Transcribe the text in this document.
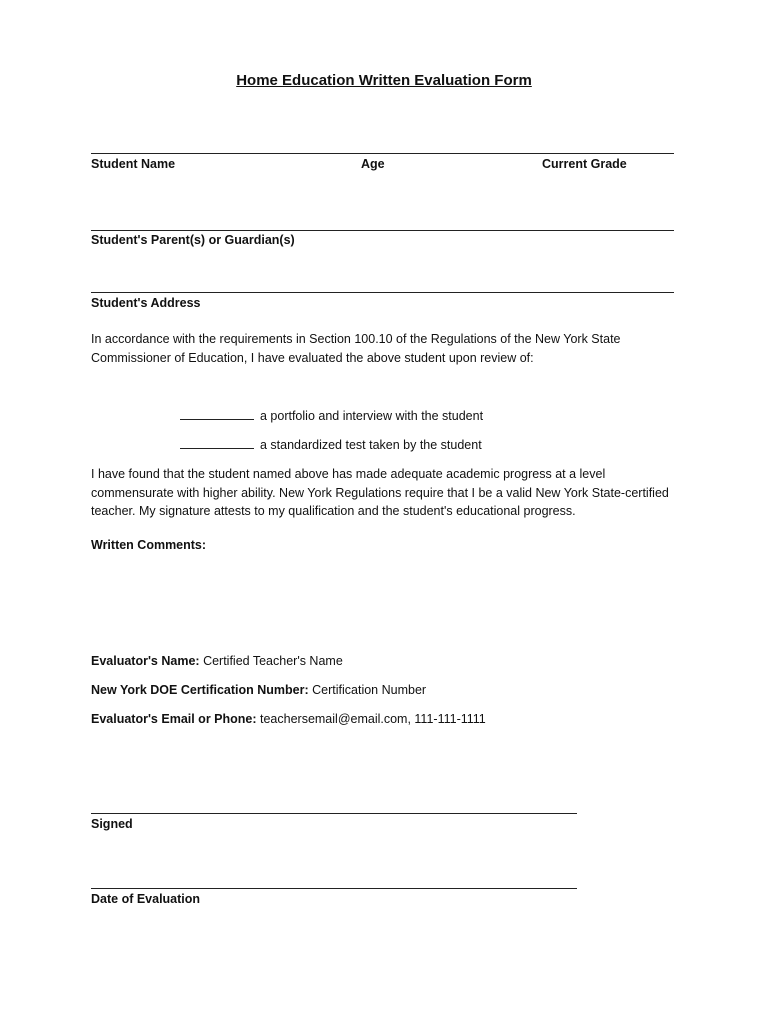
Home Education Written Evaluation Form
Student Name	Age	Current Grade
Student's Parent(s) or Guardian(s)
Student's Address
In accordance with the requirements in Section 100.10 of the Regulations of the New York State Commissioner of Education, I have evaluated the above student upon review of:
a portfolio and interview with the student
a standardized test taken by the student
I have found that the student named above has made adequate academic progress at a level commensurate with higher ability. New York Regulations require that I be a valid New York State-certified teacher. My signature attests to my qualification and the student's educational progress.
Written Comments:
Evaluator's Name: Certified Teacher's Name
New York DOE Certification Number: Certification Number
Evaluator's Email or Phone: teachersemail@email.com, 111-111-1111
Signed
Date of Evaluation
